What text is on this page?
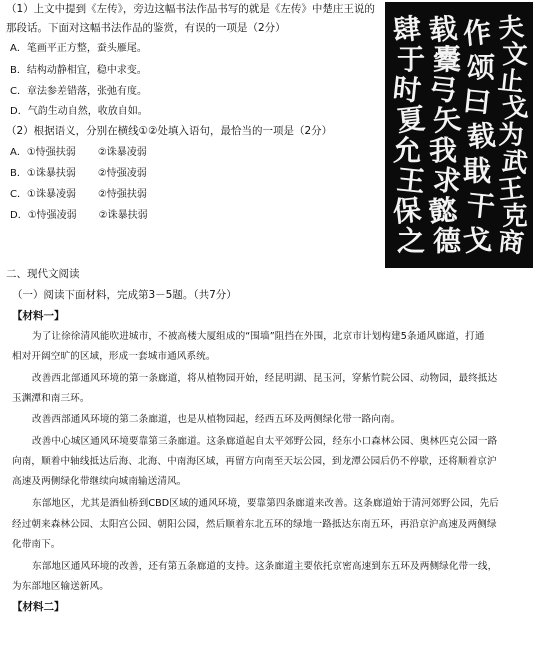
（1）上文中提到《左传》，旁边这幅书法作品书写的就是《左传》中楚庄王说的
那段话。下面对这幅书法作品的鉴赏，有误的一项是（2分）
A．笔画平正方整，蚕头雁尾。
B．结构动静相宜，稳中求变。
C．章法参差错落，张弛有度。
D．气韵生动自然，收放自如。
（2）根据语义，分别在横线①②处填入语句，最恰当的一项是（2分）
A．①恃强扶弱 ②诛暴凌弱
B．①诛暴扶弱 ②恃强凌弱
C．①诛暴凌弱 ②恃强扶弱
D．①恃强凌弱 ②诛暴扶弱
夫
文
止
戈
为
武
王
克
商
作
颂
曰
载
戢
干
戈
载
櫜
弓
矢
我
求
懿
德
肆
于
时
夏
允
王
保
之
二、现代文阅读
（一）阅读下面材料，完成第3－5题。（共7分）
【材料一】
为了让徐徐清风能吹进城市，不被高楼大厦组成的“围墙”阻挡在外围，北京市计划构建5条通风廊道，打通
相对开阔空旷的区域，形成一套城市通风系统。
改善西北部通风环境的第一条廊道，将从植物园开始，经昆明湖、昆玉河，穿紫竹院公园、动物园，最终抵达
玉渊潭和南三环。
改善西部通风环境的第二条廊道，也是从植物园起，经西五环及两侧绿化带一路向南。
改善中心城区通风环境要靠第三条廊道。这条廊道起自太平郊野公园，经东小口森林公园、奥林匹克公园一路
向南，顺着中轴线抵达后海、北海、中南海区域，再留方向南至天坛公园，到龙潭公园后仍不停歇，还将顺着京沪
高速及两侧绿化带继续向城南输送清风。
东部地区，尤其是酒仙桥到CBD区域的通风环境，要靠第四条廊道来改善。这条廊道始于清河郊野公园，先后
经过朝来森林公园、太阳宫公园、朝阳公园，然后顺着东北五环的绿地一路抵达东南五环，再沿京沪高速及两侧绿
化带南下。
东部地区通风环境的改善，还有第五条廊道的支持。这条廊道主要依托京密高速到东五环及两侧绿化带一线，
为东部地区输送新风。
【材料二】
